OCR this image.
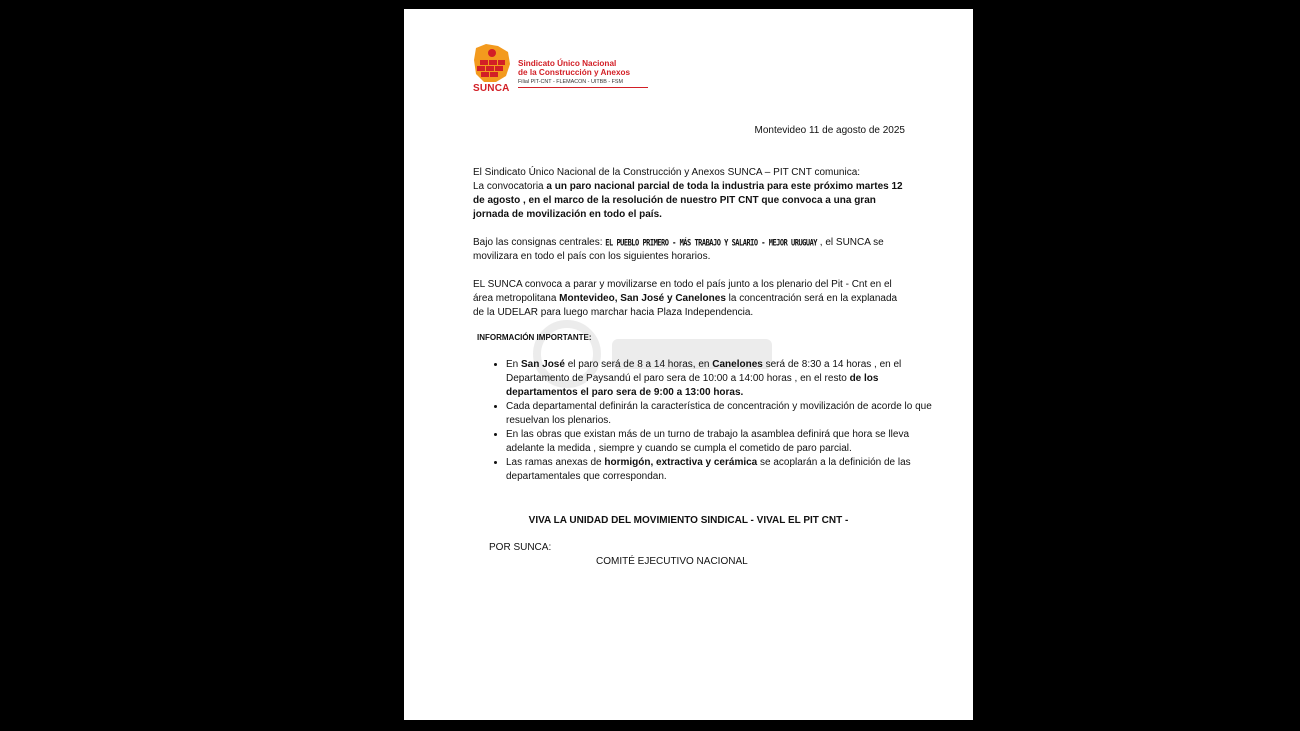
SUNCA
Sindicato Único Nacional
de la Construcción y Anexos
Filial PIT-CNT - FLEMACON - UITBB - FSM
Montevideo 11 de agosto de 2025
El Sindicato Único Nacional de la Construcción y Anexos SUNCA – PIT CNT comunica:
La convocatoria a un paro nacional parcial de toda la industria para este próximo martes 12 de agosto , en el marco de la resolución de nuestro PIT CNT que convoca a una gran jornada de movilización en todo el país.
Bajo las consignas centrales: EL PUEBLO PRIMERO - MÁS TRABAJO Y SALARIO - MEJOR URUGUAY , el SUNCA se movilizara en todo el país con los siguientes horarios.
EL SUNCA convoca a parar y movilizarse en todo el país junto a los plenario del Pit - Cnt en el área metropolitana Montevideo, San José y Canelones la concentración será en la explanada de la UDELAR para luego marchar hacia Plaza Independencia.
INFORMACIÓN IMPORTANTE:
• En San José el paro será de 8 a 14 horas, en Canelones será de 8:30 a 14 horas , en el Departamento de Paysandú el paro sera de 10:00 a 14:00 horas , en el resto de los departamentos el paro sera de 9:00 a 13:00 horas.
• Cada departamental definirán la característica de concentración y movilización de acorde lo que resuelvan los plenarios.
• En las obras que existan más de un turno de trabajo la asamblea definirá que hora se lleva adelante la medida , siempre y cuando se cumpla el cometido de paro parcial.
• Las ramas anexas de hormigón, extractiva y cerámica se acoplarán a la definición de las departamentales que correspondan.
VIVA LA UNIDAD DEL MOVIMIENTO SINDICAL - VIVAL EL PIT CNT -
POR SUNCA:
COMITÉ EJECUTIVO NACIONAL
